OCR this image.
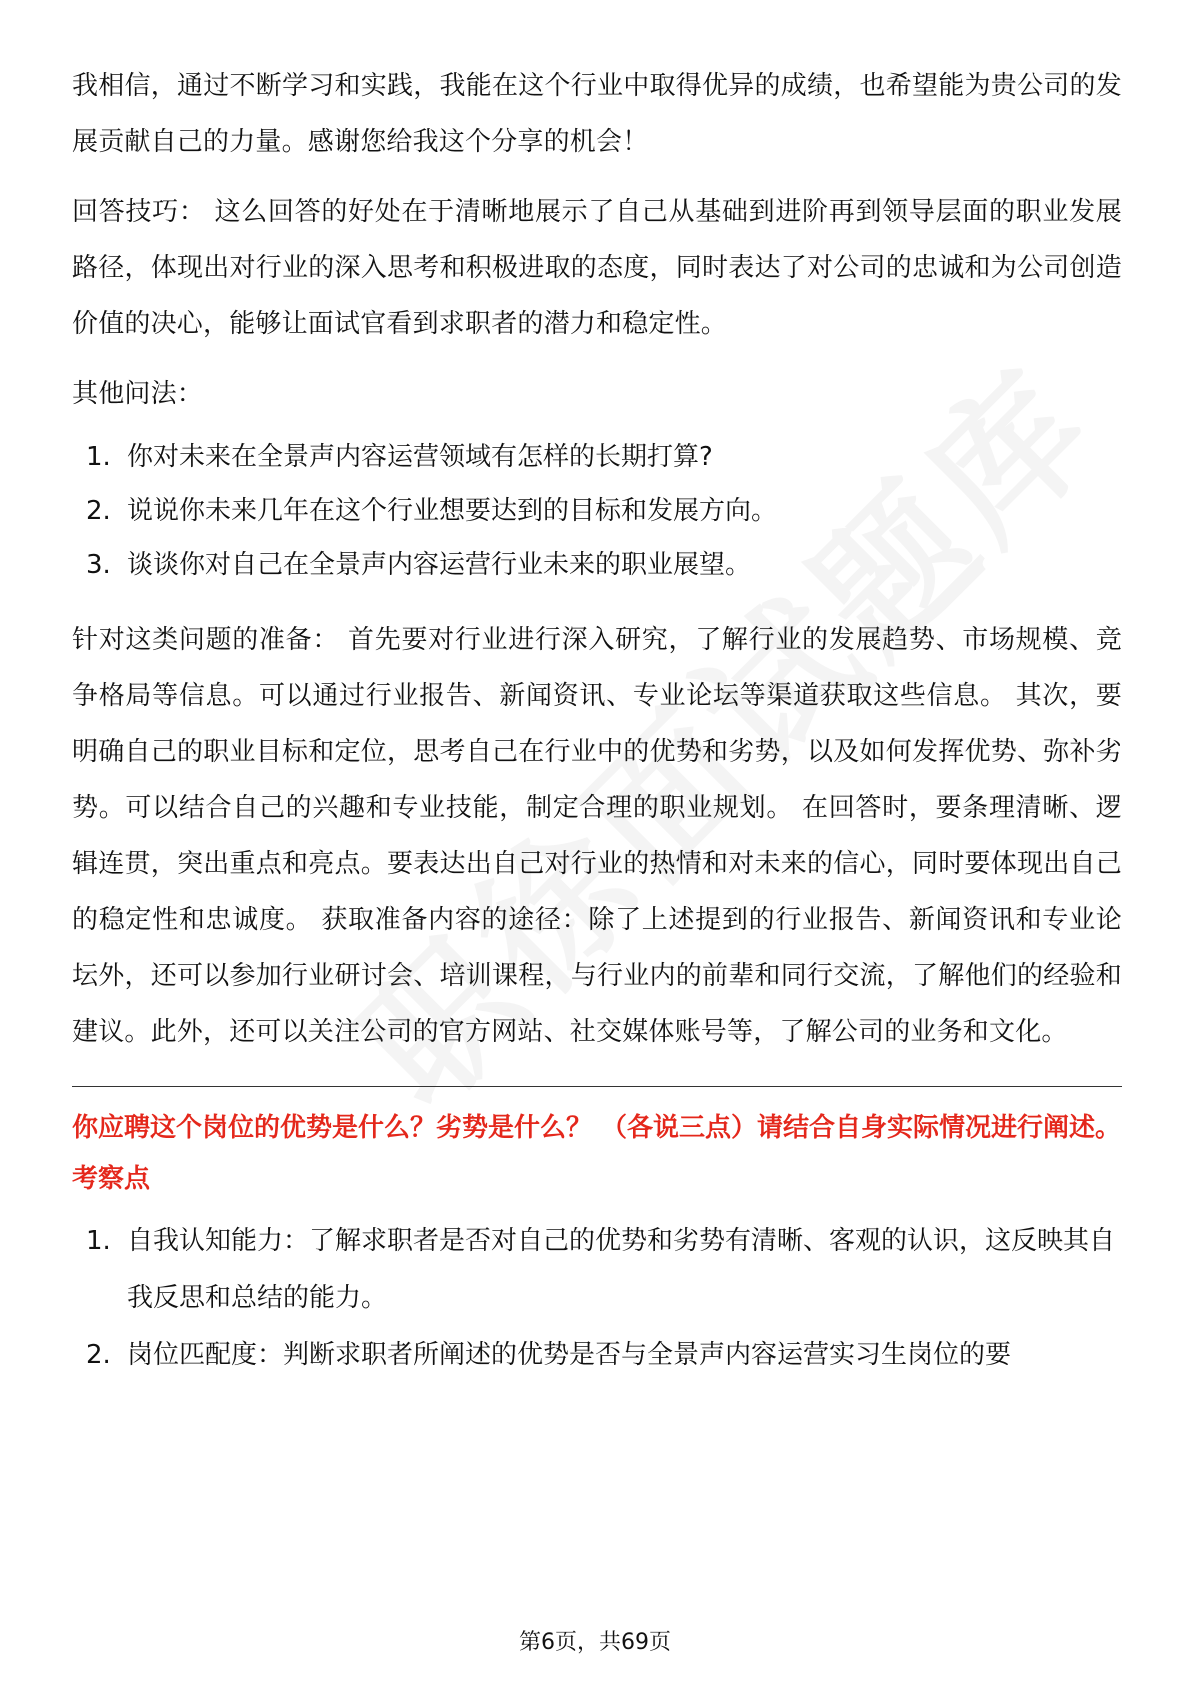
我相信，通过不断学习和实践，我能在这个行业中取得优异的成绩，也希望能为贵公司的发展贡献自己的力量。感谢您给我这个分享的机会！

回答技巧： 这么回答的好处在于清晰地展示了自己从基础到进阶再到领导层面的职业发展路径，体现出对行业的深入思考和积极进取的态度，同时表达了对公司的忠诚和为公司创造价值的决心，能够让面试官看到求职者的潜力和稳定性。

其他问法：

1. 你对未来在全景声内容运营领域有怎样的长期打算?
2. 说说你未来几年在这个行业想要达到的目标和发展方向。
3. 谈谈你对自己在全景声内容运营行业未来的职业展望。

针对这类问题的准备： 首先要对行业进行深入研究，了解行业的发展趋势、市场规模、竞争格局等信息。可以通过行业报告、新闻资讯、专业论坛等渠道获取这些信息。 其次，要明确自己的职业目标和定位，思考自己在行业中的优势和劣势，以及如何发挥优势、弥补劣势。可以结合自己的兴趣和专业技能，制定合理的职业规划。 在回答时，要条理清晰、逻辑连贯，突出重点和亮点。要表达出自己对行业的热情和对未来的信心，同时要体现出自己的稳定性和忠诚度。 获取准备内容的途径：除了上述提到的行业报告、新闻资讯和专业论坛外，还可以参加行业研讨会、培训课程，与行业内的前辈和同行交流，了解他们的经验和建议。此外，还可以关注公司的官方网站、社交媒体账号等，了解公司的业务和文化。

你应聘这个岗位的优势是什么？劣势是什么？ （各说三点）请结合自身实际情况进行阐述。

考察点

1. 自我认知能力：了解求职者是否对自己的优势和劣势有清晰、客观的认识，这反映其自我反思和总结的能力。
2. 岗位匹配度：判断求职者所阐述的优势是否与全景声内容运营实习生岗位的要
第6页，共69页
